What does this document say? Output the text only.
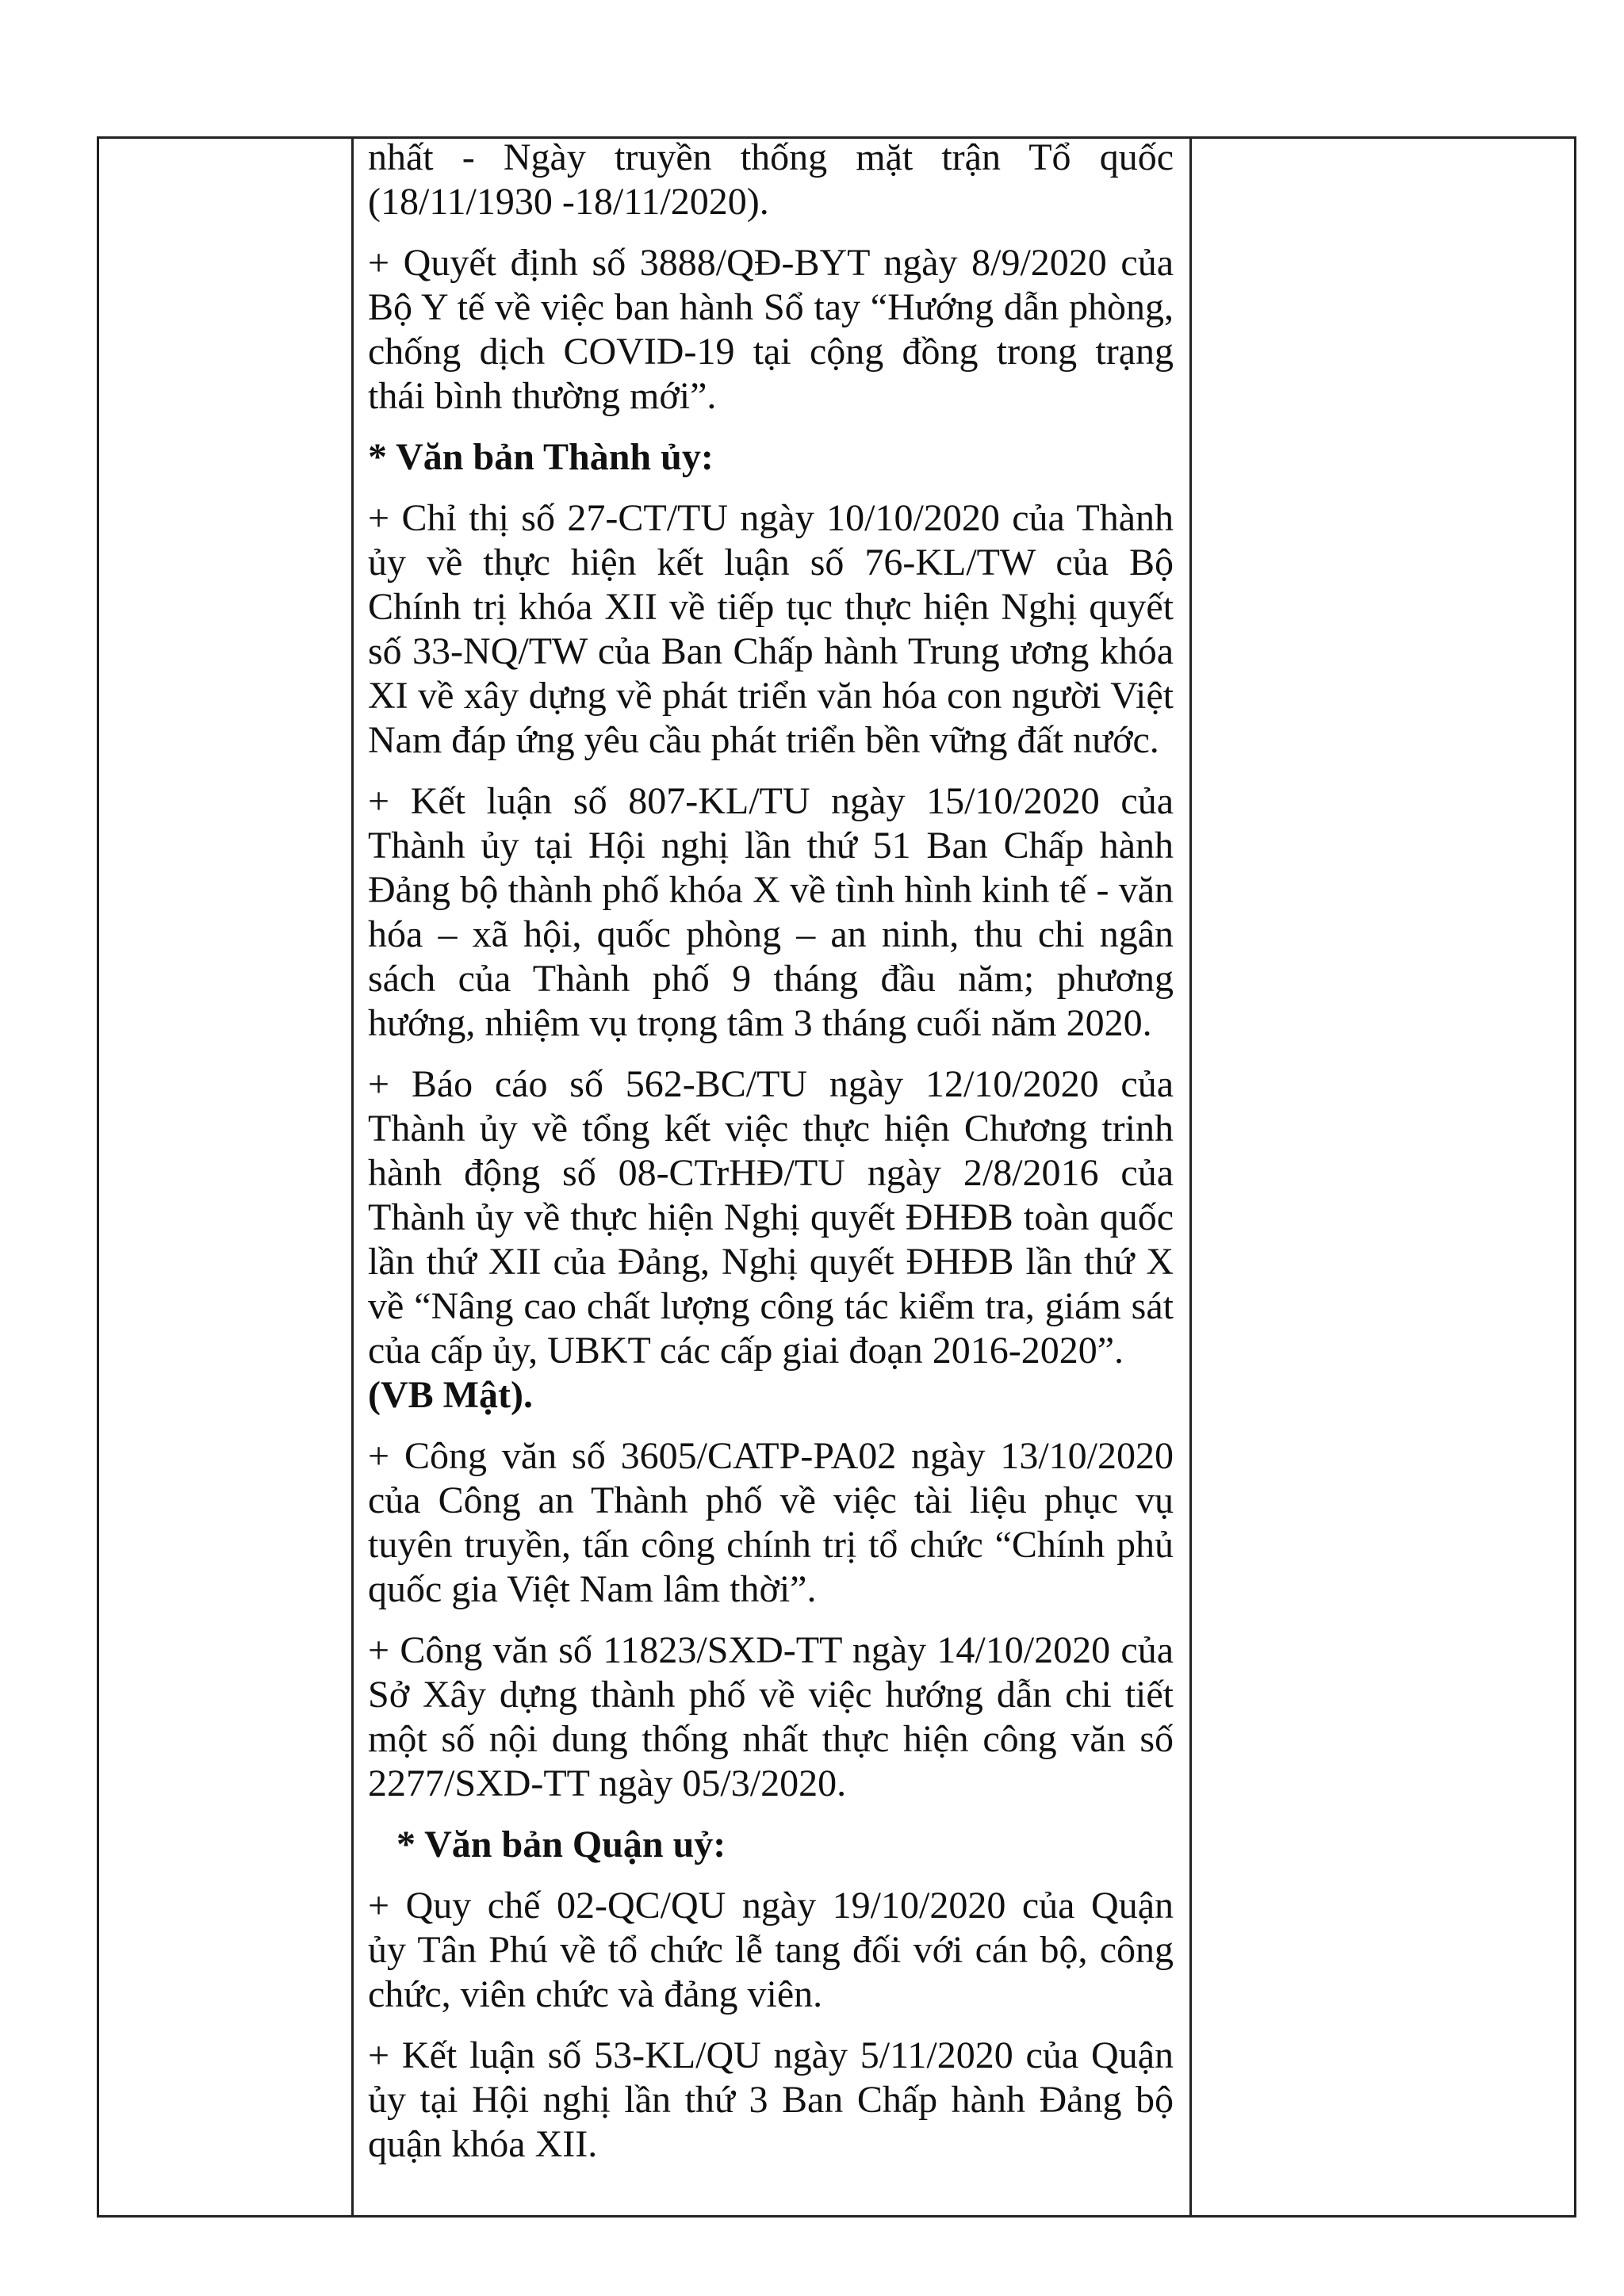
nhất - Ngày truyền thống mặt trận Tổ quốc (18/11/1930 -18/11/2020).

+ Quyết định số 3888/QĐ-BYT ngày 8/9/2020 của Bộ Y tế về việc ban hành Sổ tay “Hướng dẫn phòng, chống dịch COVID-19 tại cộng đồng trong trạng thái bình thường mới”.

* Văn bản Thành ủy:

+ Chỉ thị số 27-CT/TU ngày 10/10/2020 của Thành ủy về thực hiện kết luận số 76-KL/TW của Bộ Chính trị khóa XII về tiếp tục thực hiện Nghị quyết số 33-NQ/TW của Ban Chấp hành Trung ương khóa XI về xây dựng về phát triển văn hóa con người Việt Nam đáp ứng yêu cầu phát triển bền vững đất nước.

+ Kết luận số 807-KL/TU ngày 15/10/2020 của Thành ủy tại Hội nghị lần thứ 51 Ban Chấp hành Đảng bộ thành phố khóa X về tình hình kinh tế - văn hóa – xã hội, quốc phòng – an ninh, thu chi ngân sách của Thành phố 9 tháng đầu năm; phương hướng, nhiệm vụ trọng tâm 3 tháng cuối năm 2020.

+ Báo cáo số 562-BC/TU ngày 12/10/2020 của Thành ủy về tổng kết việc thực hiện Chương trinh hành động số 08-CTrHĐ/TU ngày 2/8/2016 của Thành ủy về thực hiện Nghị quyết ĐHĐB toàn quốc lần thứ XII của Đảng, Nghị quyết ĐHĐB lần thứ X về “Nâng cao chất lượng công tác kiểm tra, giám sát của cấp ủy, UBKT các cấp giai đoạn 2016-2020”.
(VB Mật).

+ Công văn số 3605/CATP-PA02 ngày 13/10/2020 của Công an Thành phố về việc tài liệu phục vụ tuyên truyền, tấn công chính trị tổ chức “Chính phủ quốc gia Việt Nam lâm thời”.

+ Công văn số 11823/SXD-TT ngày 14/10/2020 của Sở Xây dựng thành phố về việc hướng dẫn chi tiết một số nội dung thống nhất thực hiện công văn số 2277/SXD-TT ngày 05/3/2020.

* Văn bản Quận uỷ:

+ Quy chế 02-QC/QU ngày 19/10/2020 của Quận ủy Tân Phú về tổ chức lễ tang đối với cán bộ, công chức, viên chức và đảng viên.

+ Kết luận số 53-KL/QU ngày 5/11/2020 của Quận ủy tại Hội nghị lần thứ 3 Ban Chấp hành Đảng bộ quận khóa XII.
